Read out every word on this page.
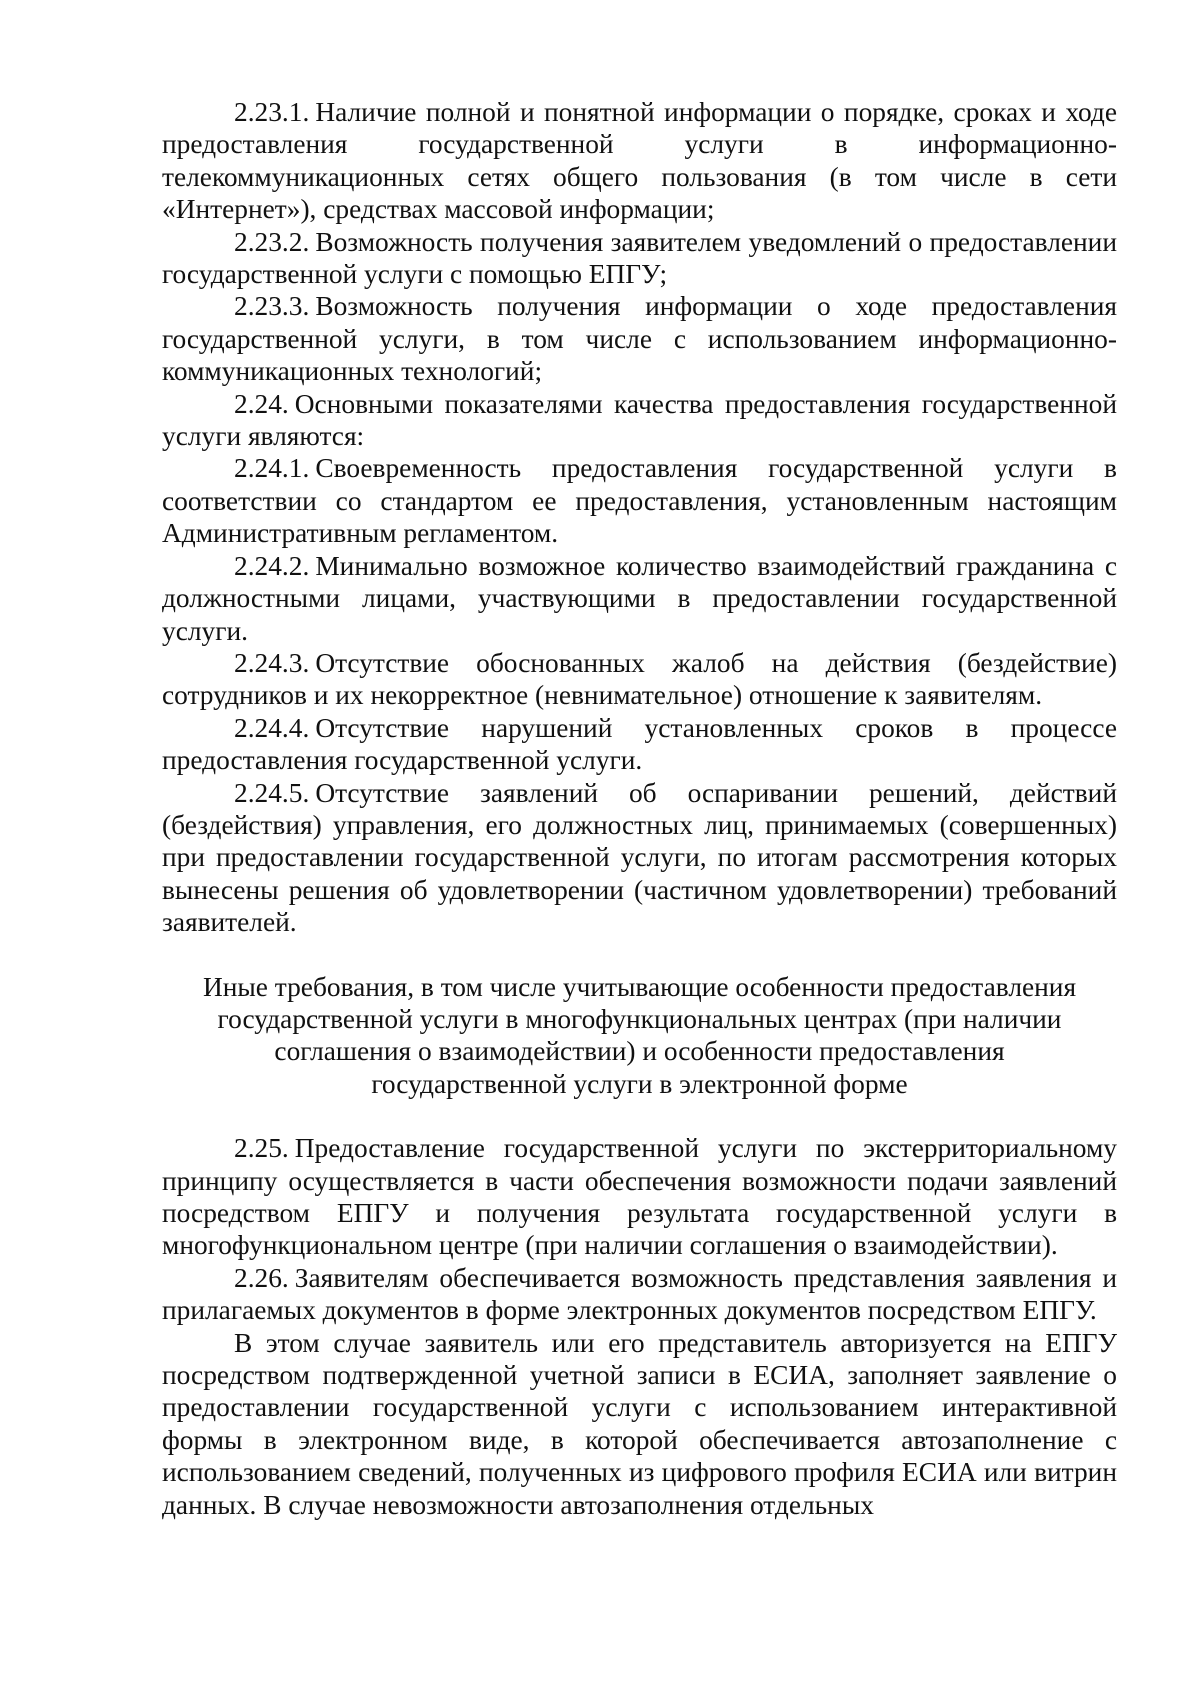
2.23.1. Наличие полной и понятной информации о порядке, сроках и ходе предоставления государственной услуги в информационно-телекоммуникационных сетях общего пользования (в том числе в сети «Интернет»), средствах массовой информации;

2.23.2. Возможность получения заявителем уведомлений о предоставлении государственной услуги с помощью ЕПГУ;

2.23.3. Возможность получения информации о ходе предоставления государственной услуги, в том числе с использованием информационно-коммуникационных технологий;

2.24. Основными показателями качества предоставления государственной услуги являются:

2.24.1. Своевременность предоставления государственной услуги в соответствии со стандартом ее предоставления, установленным настоящим Административным регламентом.

2.24.2. Минимально возможное количество взаимодействий гражданина с должностными лицами, участвующими в предоставлении государственной услуги.

2.24.3. Отсутствие обоснованных жалоб на действия (бездействие) сотрудников и их некорректное (невнимательное) отношение к заявителям.

2.24.4. Отсутствие нарушений установленных сроков в процессе предоставления государственной услуги.

2.24.5. Отсутствие заявлений об оспаривании решений, действий (бездействия) управления, его должностных лиц, принимаемых (совершенных) при предоставлении государственной услуги, по итогам рассмотрения которых вынесены решения об удовлетворении (частичном удовлетворении) требований заявителей.

Иные требования, в том числе учитывающие особенности предоставления
государственной услуги в многофункциональных центрах (при наличии
соглашения о взаимодействии) и особенности предоставления
государственной услуги в электронной форме

2.25. Предоставление государственной услуги по экстерриториальному принципу осуществляется в части обеспечения возможности подачи заявлений посредством ЕПГУ и получения результата государственной услуги в многофункциональном центре (при наличии соглашения о взаимодействии).

2.26. Заявителям обеспечивается возможность представления заявления и прилагаемых документов в форме электронных документов посредством ЕПГУ.

В этом случае заявитель или его представитель авторизуется на ЕПГУ посредством подтвержденной учетной записи в ЕСИА, заполняет заявление о предоставлении государственной услуги с использованием интерактивной формы в электронном виде, в которой обеспечивается автозаполнение с использованием сведений, полученных из цифрового профиля ЕСИА или витрин данных. В случае невозможности автозаполнения отдельных
